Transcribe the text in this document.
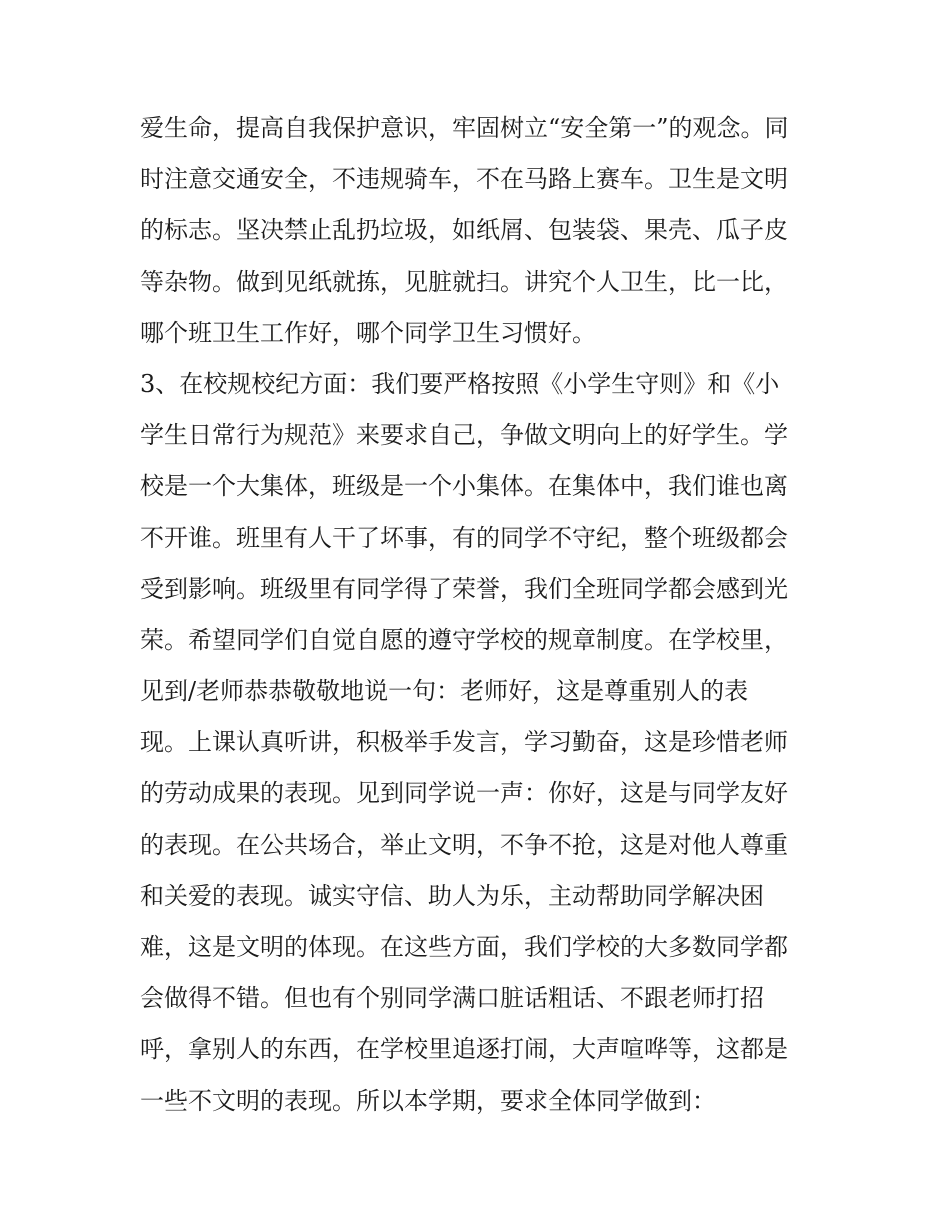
爱生命，提高自我保护意识，牢固树立“安全第一”的观念。同
时注意交通安全，不违规骑车，不在马路上赛车。卫生是文明
的标志。坚决禁止乱扔垃圾，如纸屑、包装袋、果壳、瓜子皮
等杂物。做到见纸就拣，见脏就扫。讲究个人卫生，比一比，
哪个班卫生工作好，哪个同学卫生习惯好。
3、在校规校纪方面：我们要严格按照《小学生守则》和《小
学生日常行为规范》来要求自己，争做文明向上的好学生。学
校是一个大集体，班级是一个小集体。在集体中，我们谁也离
不开谁。班里有人干了坏事，有的同学不守纪，整个班级都会
受到影响。班级里有同学得了荣誉，我们全班同学都会感到光
荣。希望同学们自觉自愿的遵守学校的规章制度。在学校里，
见到/老师恭恭敬敬地说一句：老师好，这是尊重别人的表
现。上课认真听讲，积极举手发言，学习勤奋，这是珍惜老师
的劳动成果的表现。见到同学说一声：你好，这是与同学友好
的表现。在公共场合，举止文明，不争不抢，这是对他人尊重
和关爱的表现。诚实守信、助人为乐，主动帮助同学解决困
难，这是文明的体现。在这些方面，我们学校的大多数同学都
会做得不错。但也有个别同学满口脏话粗话、不跟老师打招
呼，拿别人的东西，在学校里追逐打闹，大声喧哗等，这都是
一些不文明的表现。所以本学期，要求全体同学做到：
